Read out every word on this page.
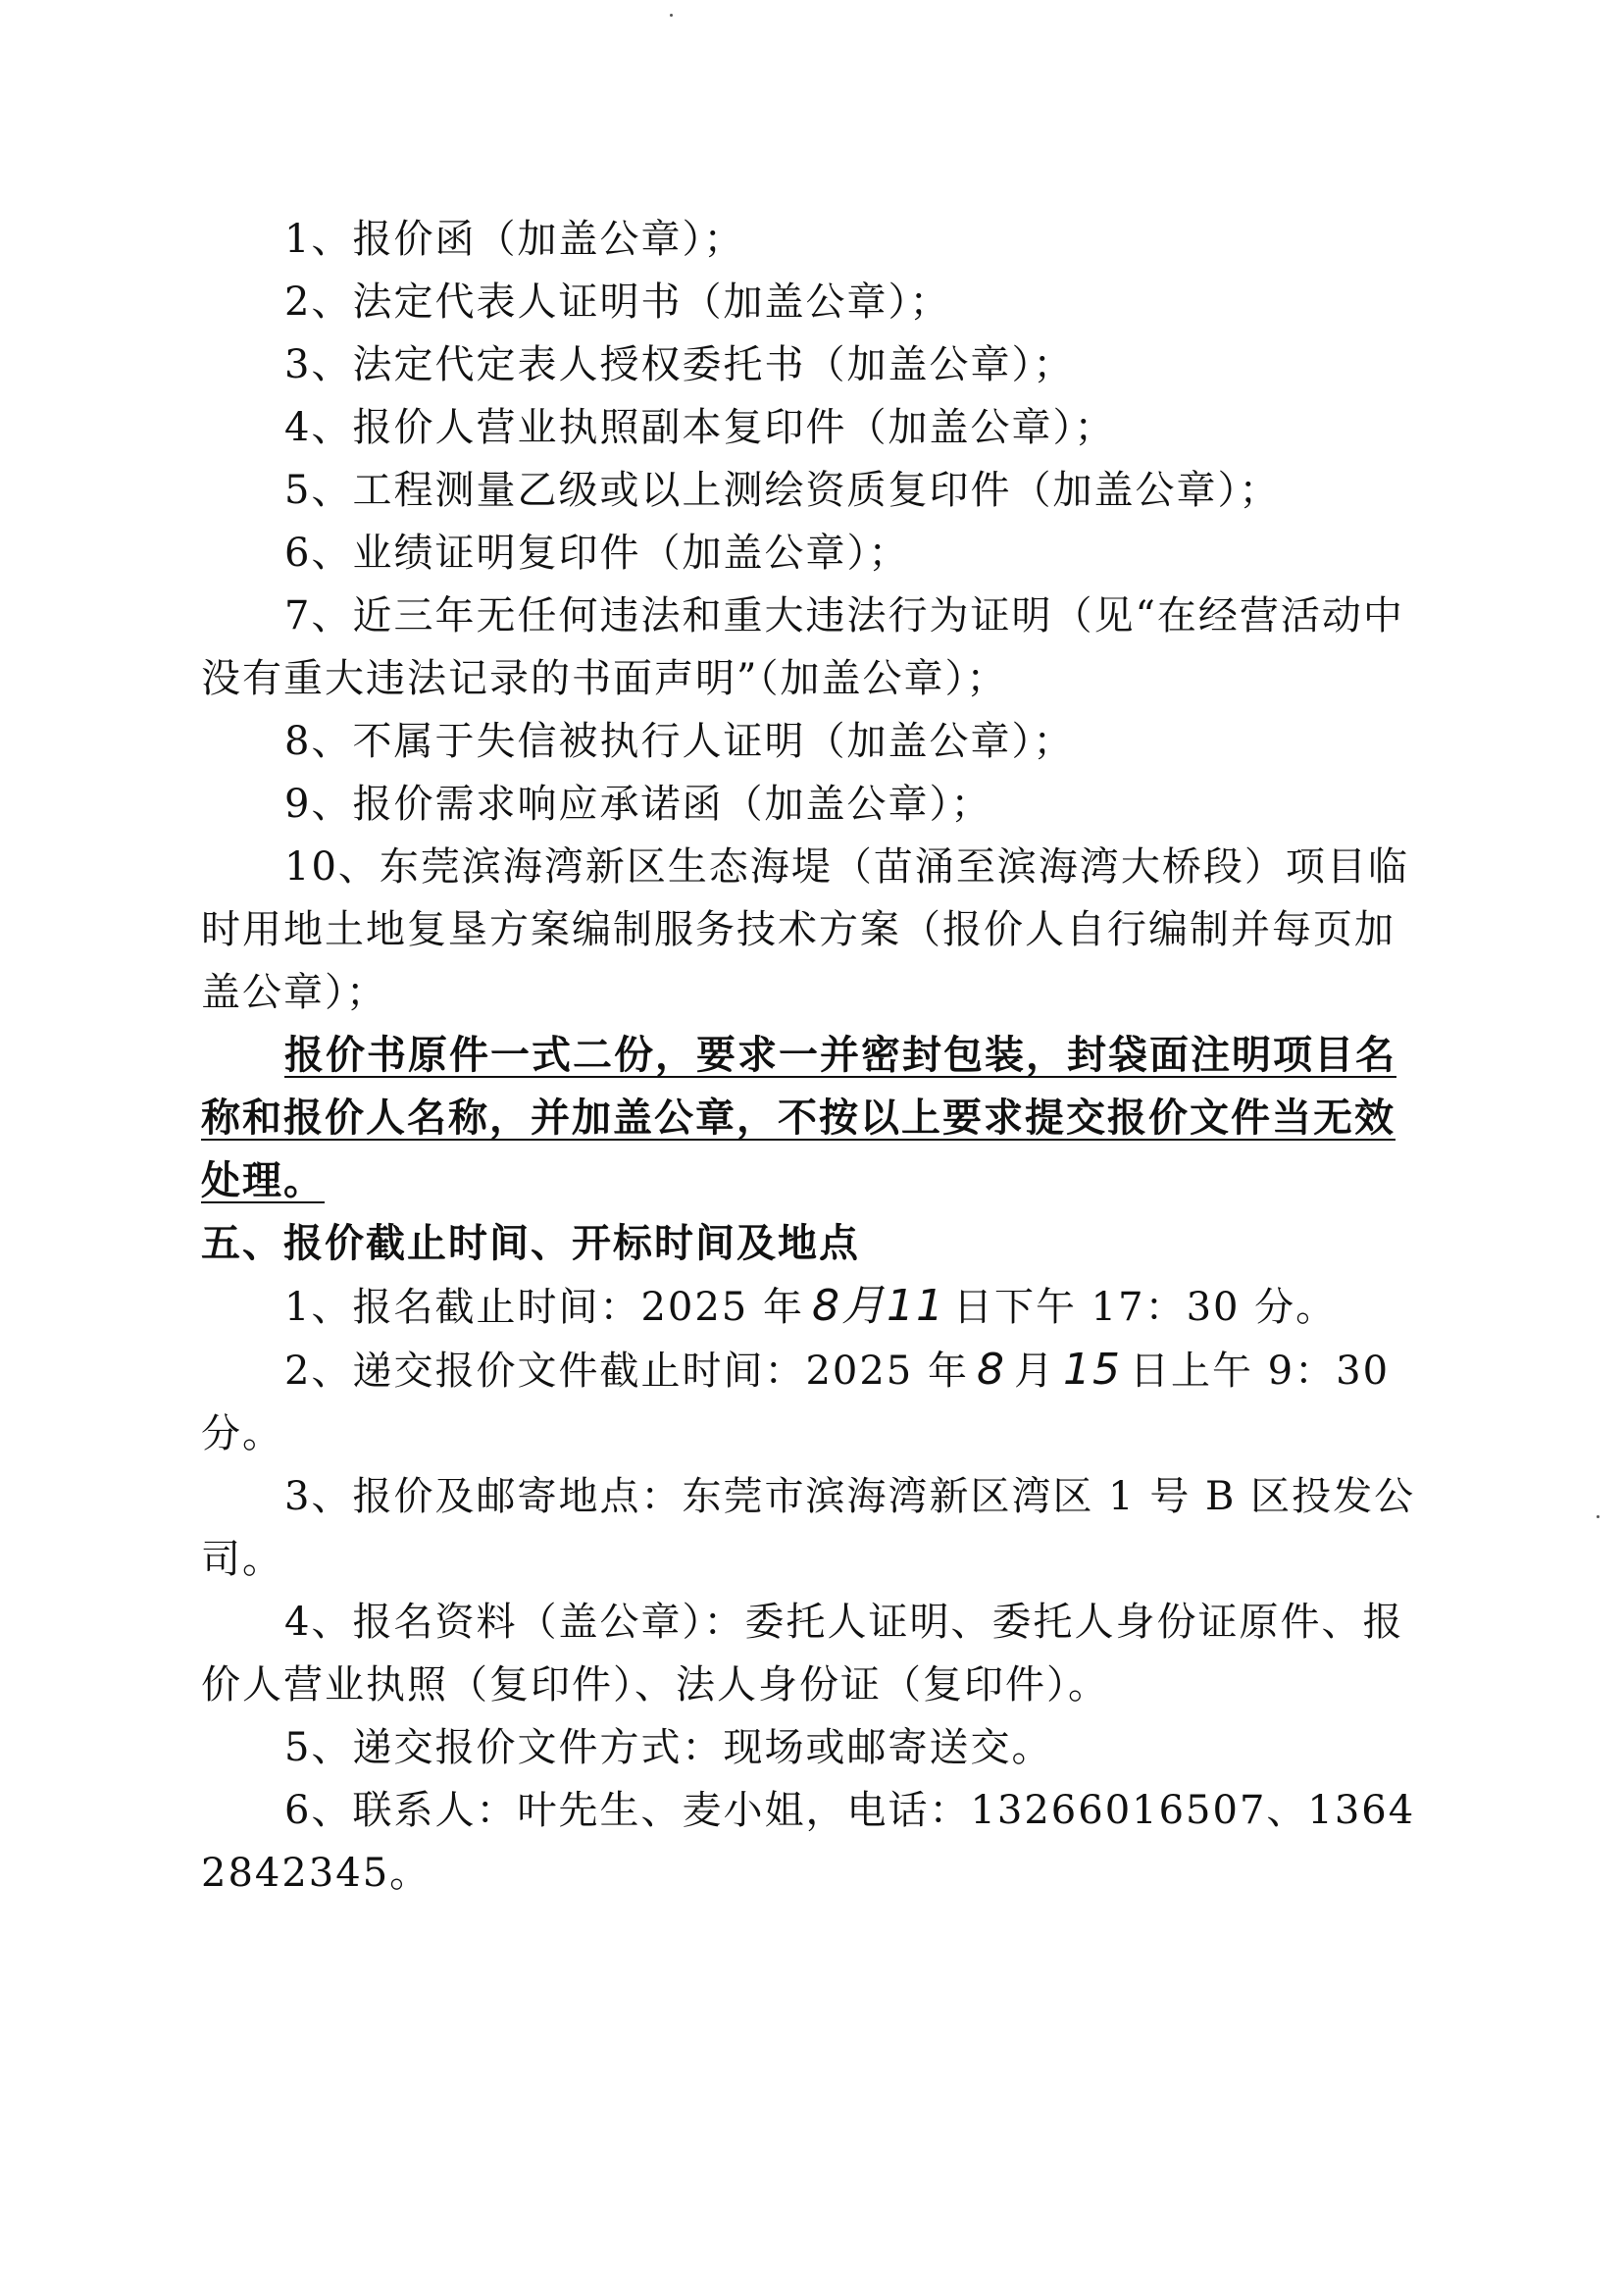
1、报价函（加盖公章）；

2、法定代表人证明书（加盖公章）；

3、法定代定表人授权委托书（加盖公章）；

4、报价人营业执照副本复印件（加盖公章）；

5、工程测量乙级或以上测绘资质复印件（加盖公章）；

6、业绩证明复印件（加盖公章）；

7、近三年无任何违法和重大违法行为证明（见“在经营活动中没有重大违法记录的书面声明”（加盖公章）；

8、不属于失信被执行人证明（加盖公章）；

9、报价需求响应承诺函（加盖公章）；

10、东莞滨海湾新区生态海堤（苗涌至滨海湾大桥段）项目临时用地土地复垦方案编制服务技术方案（报价人自行编制并每页加盖公章）；

报价书原件一式二份，要求一并密封包装，封袋面注明项目名称和报价人名称，并加盖公章，不按以上要求提交报价文件当无效处理。

五、报价截止时间、开标时间及地点

1、报名截止时间：2025 年 8月11 日下午 17：30 分。

2、递交报价文件截止时间：2025 年 8 月 15 日上午 9：30 分。

3、报价及邮寄地点：东莞市滨海湾新区湾区 1 号 B 区投发公司。

4、报名资料（盖公章）：委托人证明、委托人身份证原件、报价人营业执照（复印件）、法人身份证（复印件）。

5、递交报价文件方式：现场或邮寄送交。

6、联系人：叶先生、麦小姐，电话：13266016507、13642842345。
